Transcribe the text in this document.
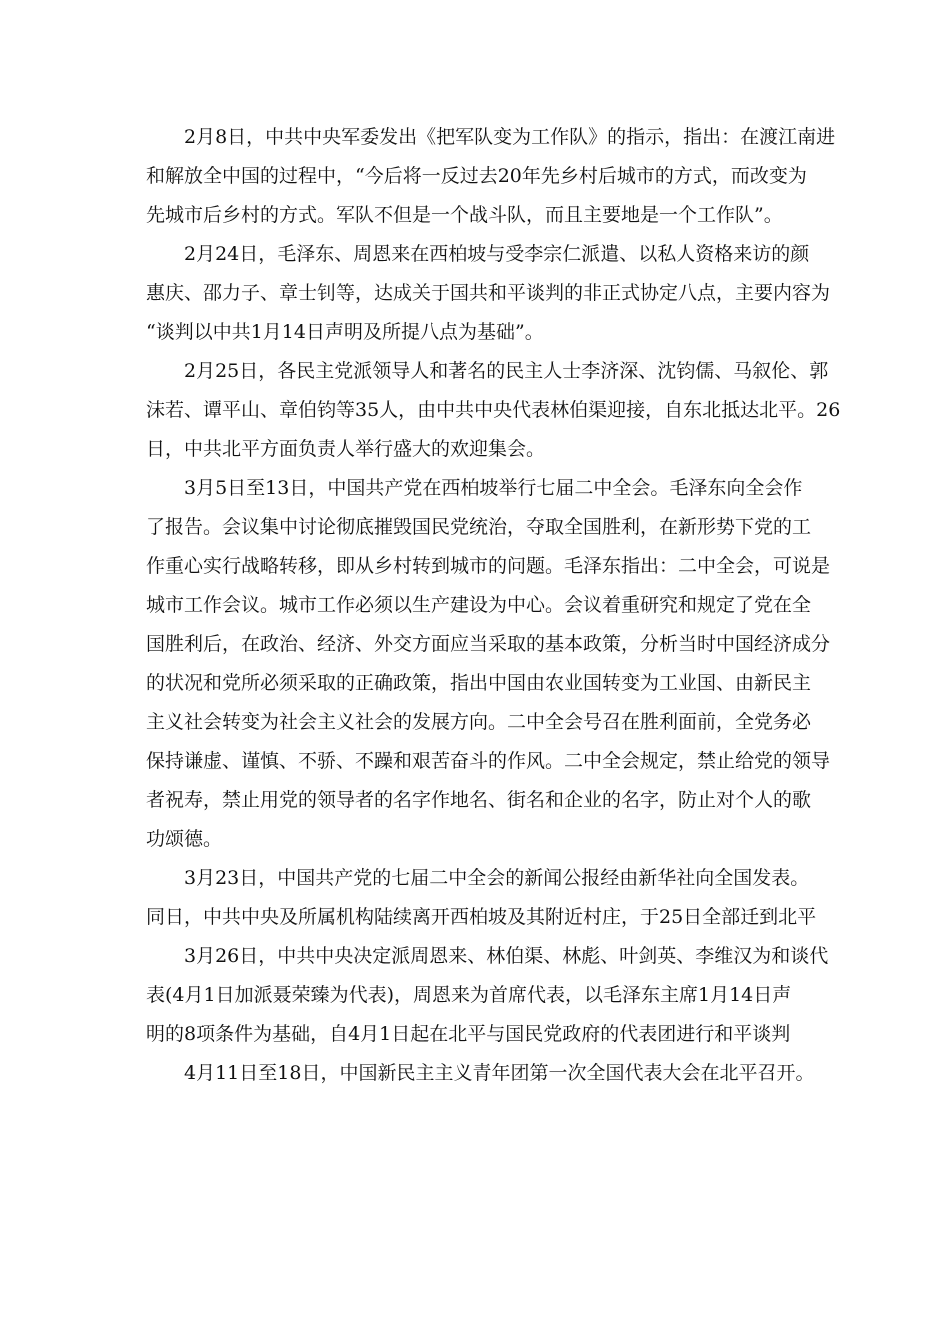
2月8日，中共中央军委发出《把军队变为工作队》的指示，指出：在渡江南进
和解放全中国的过程中，“今后将一反过去20年先乡村后城市的方式，而改变为
先城市后乡村的方式。军队不但是一个战斗队，而且主要地是一个工作队”。

2月24日，毛泽东、周恩来在西柏坡与受李宗仁派遣、以私人资格来访的颜
惠庆、邵力子、章士钊等，达成关于国共和平谈判的非正式协定八点，主要内容为
“谈判以中共1月14日声明及所提八点为基础”。

2月25日，各民主党派领导人和著名的民主人士李济深、沈钧儒、马叙伦、郭
沫若、谭平山、章伯钧等35人，由中共中央代表林伯渠迎接，自东北抵达北平。26
日，中共北平方面负责人举行盛大的欢迎集会。

3月5日至13日，中国共产党在西柏坡举行七届二中全会。毛泽东向全会作
了报告。会议集中讨论彻底摧毁国民党统治，夺取全国胜利，在新形势下党的工
作重心实行战略转移，即从乡村转到城市的问题。毛泽东指出：二中全会，可说是
城市工作会议。城市工作必须以生产建设为中心。会议着重研究和规定了党在全
国胜利后，在政治、经济、外交方面应当采取的基本政策，分析当时中国经济成分
的状况和党所必须采取的正确政策，指出中国由农业国转变为工业国、由新民主
主义社会转变为社会主义社会的发展方向。二中全会号召在胜利面前，全党务必
保持谦虚、谨慎、不骄、不躁和艰苦奋斗的作风。二中全会规定，禁止给党的领导
者祝寿，禁止用党的领导者的名字作地名、街名和企业的名字，防止对个人的歌
功颂德。

3月23日，中国共产党的七届二中全会的新闻公报经由新华社向全国发表。
同日，中共中央及所属机构陆续离开西柏坡及其附近村庄，于25日全部迁到北平

3月26日，中共中央决定派周恩来、林伯渠、林彪、叶剑英、李维汉为和谈代
表(4月1日加派聂荣臻为代表)，周恩来为首席代表，以毛泽东主席1月14日声
明的8项条件为基础，自4月1日起在北平与国民党政府的代表团进行和平谈判

4月11日至18日，中国新民主主义青年团第一次全国代表大会在北平召开。
